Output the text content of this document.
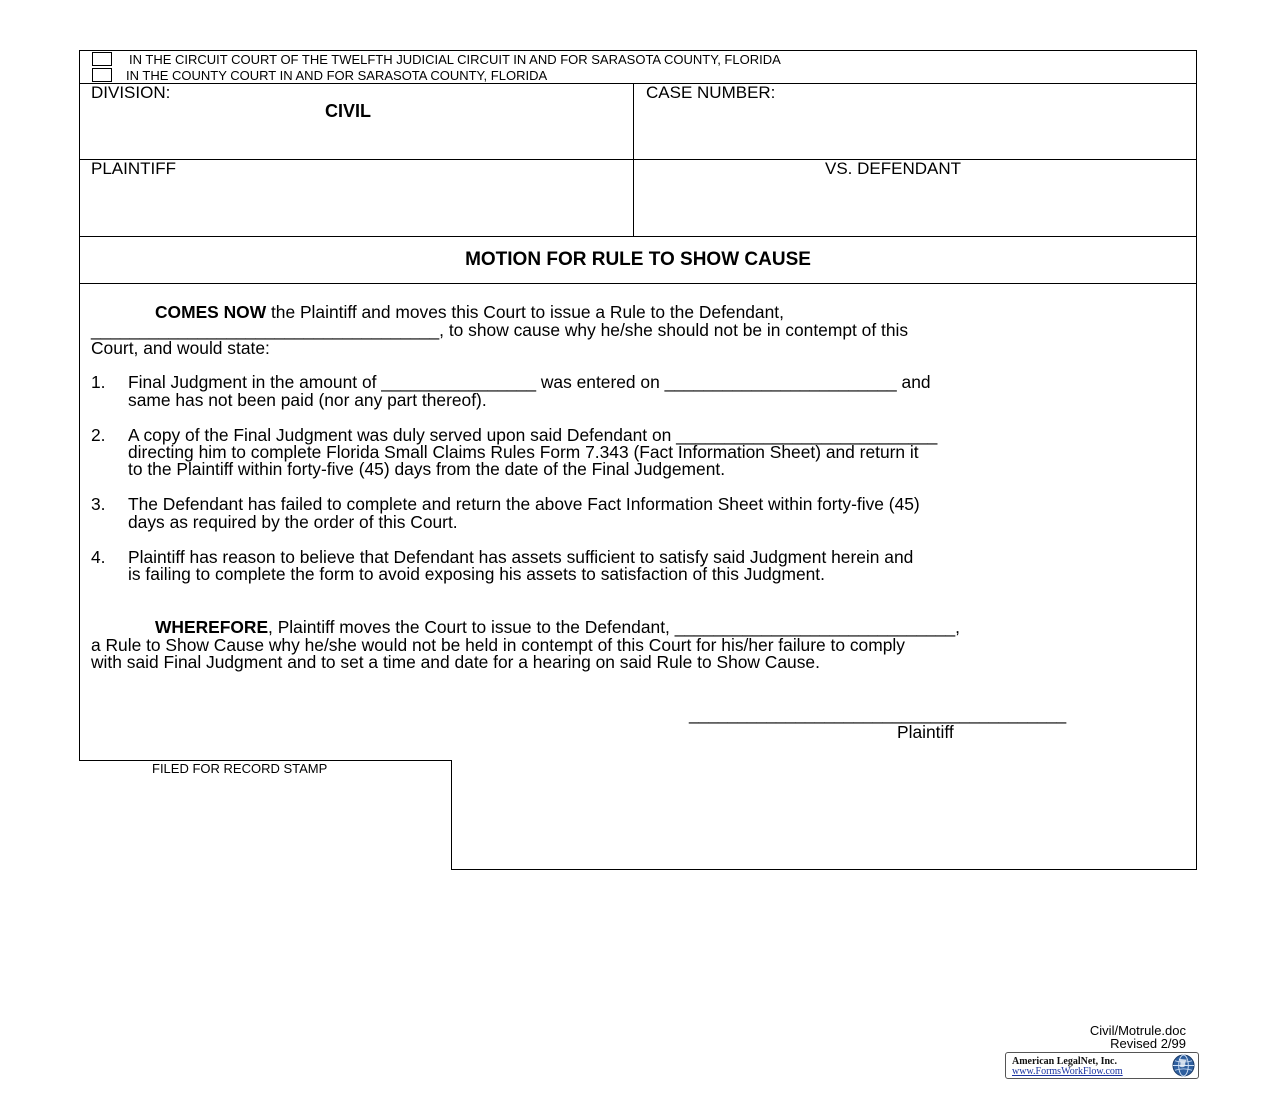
IN THE CIRCUIT COURT OF THE TWELFTH JUDICIAL CIRCUIT IN AND FOR SARASOTA COUNTY, FLORIDA
IN THE COUNTY COURT IN AND FOR SARASOTA COUNTY, FLORIDA
DIVISION:
CIVIL
CASE NUMBER:
PLAINTIFF	VS. DEFENDANT
MOTION FOR RULE TO SHOW CAUSE
COMES NOW the Plaintiff and moves this Court to issue a Rule to the Defendant,
____________________________________, to show cause why he/she should not be in contempt of this
Court, and would state:
1. Final Judgment in the amount of ________________ was entered on ________________________ and
same has not been paid (nor any part thereof).
2. A copy of the Final Judgment was duly served upon said Defendant on ___________________________
directing him to complete Florida Small Claims Rules Form 7.343 (Fact Information Sheet) and return it
to the Plaintiff within forty-five (45) days from the date of the Final Judgement.
3. The Defendant has failed to complete and return the above Fact Information Sheet within forty-five (45)
days as required by the order of this Court.
4. Plaintiff has reason to believe that Defendant has assets sufficient to satisfy said Judgment herein and
is failing to complete the form to avoid exposing his assets to satisfaction of this Judgment.
WHEREFORE, Plaintiff moves the Court to issue to the Defendant, _____________________________,
a Rule to Show Cause why he/she would not be held in contempt of this Court for his/her failure to comply
with said Final Judgment and to set a time and date for a hearing on said Rule to Show Cause.
_______________________________________
Plaintiff
FILED FOR RECORD STAMP
Civil/Motrule.doc
Revised 2/99
American LegalNet, Inc.
www.FormsWorkFlow.com
